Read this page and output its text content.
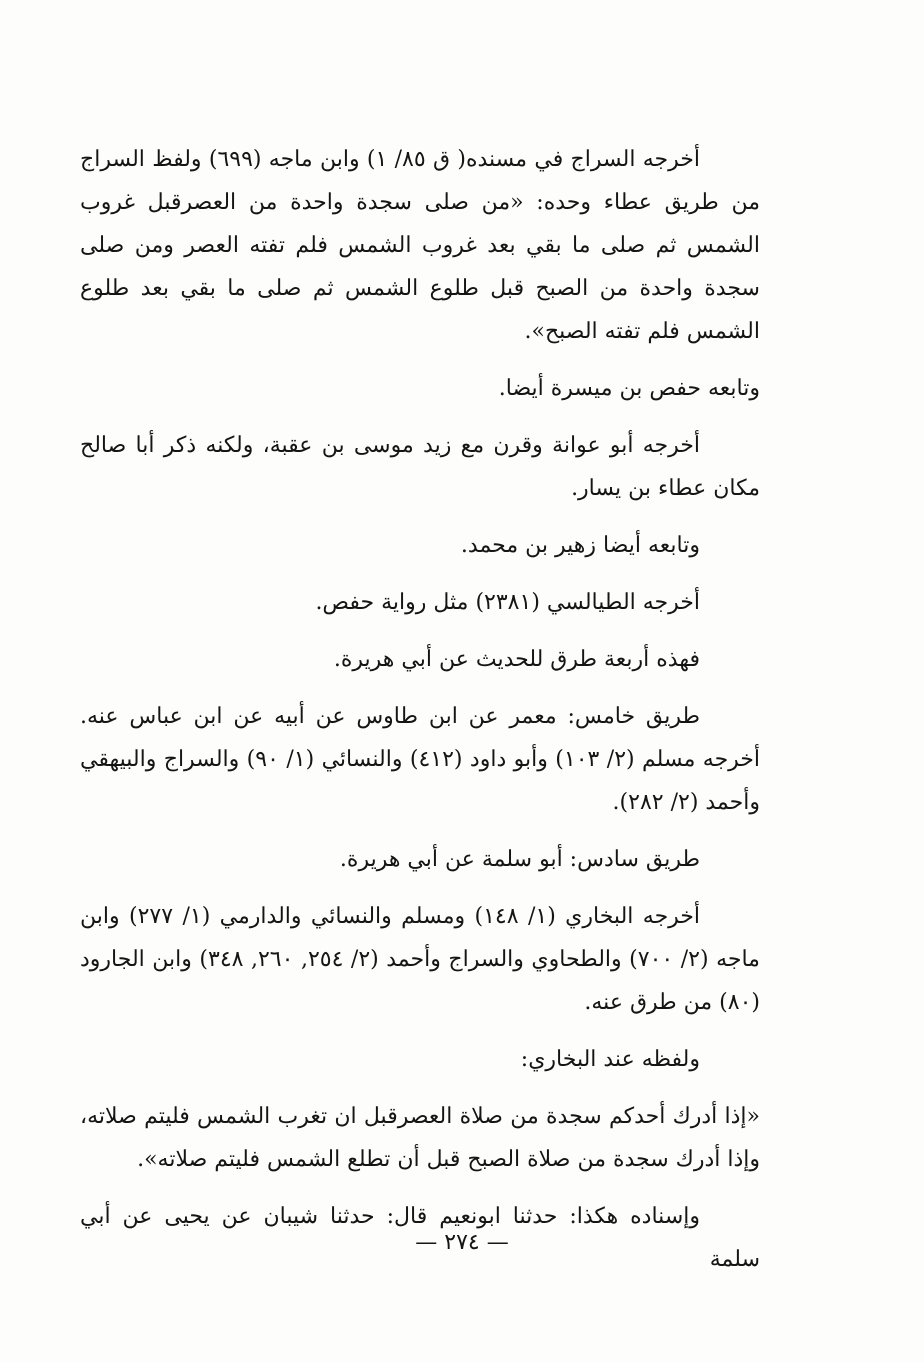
أخرجه السراج في مسنده( ق ٨٥/ ١) وابن ماجه (٦٩٩) ولفظ السراج من طريق عطاء وحده: «من صلى سجدة واحدة من العصرقبل غروب الشمس ثم صلى ما بقي بعد غروب الشمس فلم تفته العصر ومن صلى سجدة واحدة من الصبح قبل طلوع الشمس ثم صلى ما بقي بعد طلوع الشمس فلم تفته الصبح».

وتابعه حفص بن ميسرة أيضا.

أخرجه أبو عوانة وقرن مع زيد موسى بن عقبة، ولكنه ذكر أبا صالح مكان عطاء بن يسار.

وتابعه أيضا زهير بن محمد.

أخرجه الطيالسي (٢٣٨١) مثل رواية حفص.

فهذه أربعة طرق للحديث عن أبي هريرة.

طريق خامس: معمر عن ابن طاوس عن أبيه عن ابن عباس عنه. أخرجه مسلم (٢/ ١٠٣) وأبو داود (٤١٢) والنسائي (١/ ٩٠) والسراج والبيهقي وأحمد (٢/ ٢٨٢).

طريق سادس: أبو سلمة عن أبي هريرة.

أخرجه البخاري (١/ ١٤٨) ومسلم والنسائي والدارمي (١/ ٢٧٧) وابن ماجه (٢/ ٧٠٠) والطحاوي والسراج وأحمد (٢/ ٢٥٤, ٢٦٠, ٣٤٨) وابن الجارود (٨٠) من طرق عنه.

ولفظه عند البخاري:

«إذا أدرك أحدكم سجدة من صلاة العصرقبل ان تغرب الشمس فليتم صلاته، وإذا أدرك سجدة من صلاة الصبح قبل أن تطلع الشمس فليتم صلاته».

وإسناده هكذا: حدثنا ابونعيم قال: حدثنا شيبان عن يحيى عن أبي سلمة

— ٢٧٤ —
